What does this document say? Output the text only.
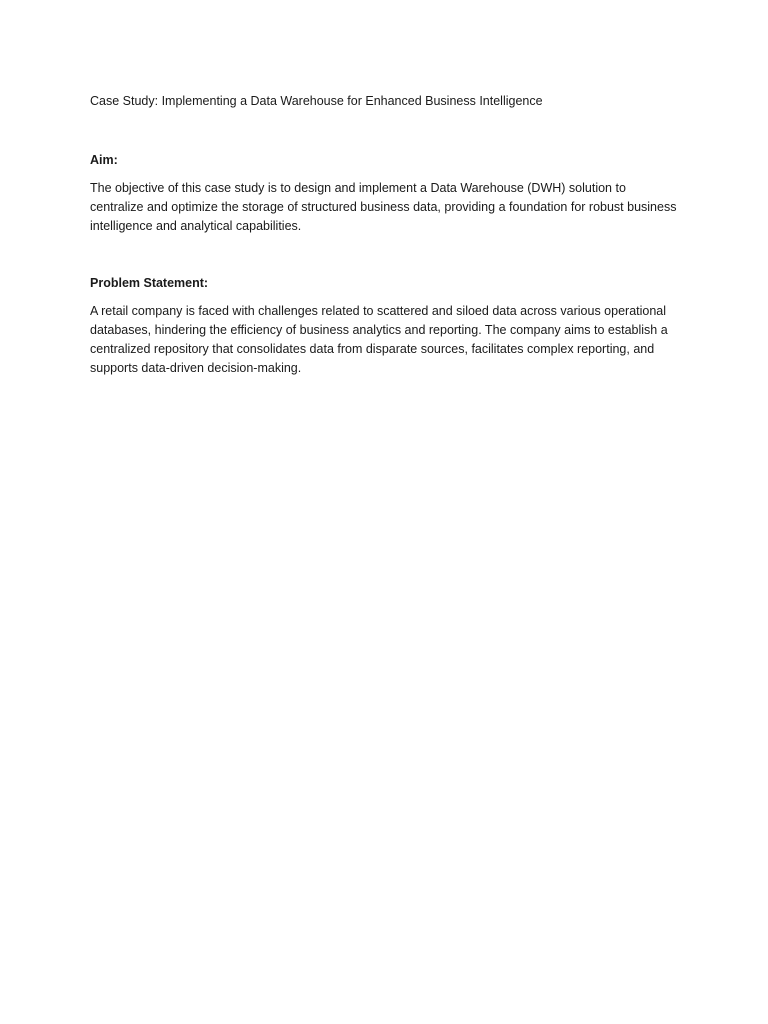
Case Study: Implementing a Data Warehouse for Enhanced Business Intelligence

Aim:

The objective of this case study is to design and implement a Data Warehouse (DWH) solution to centralize and optimize the storage of structured business data, providing a foundation for robust business intelligence and analytical capabilities.

Problem Statement:

A retail company is faced with challenges related to scattered and siloed data across various operational databases, hindering the efficiency of business analytics and reporting. The company aims to establish a centralized repository that consolidates data from disparate sources, facilitates complex reporting, and supports data-driven decision-making.
